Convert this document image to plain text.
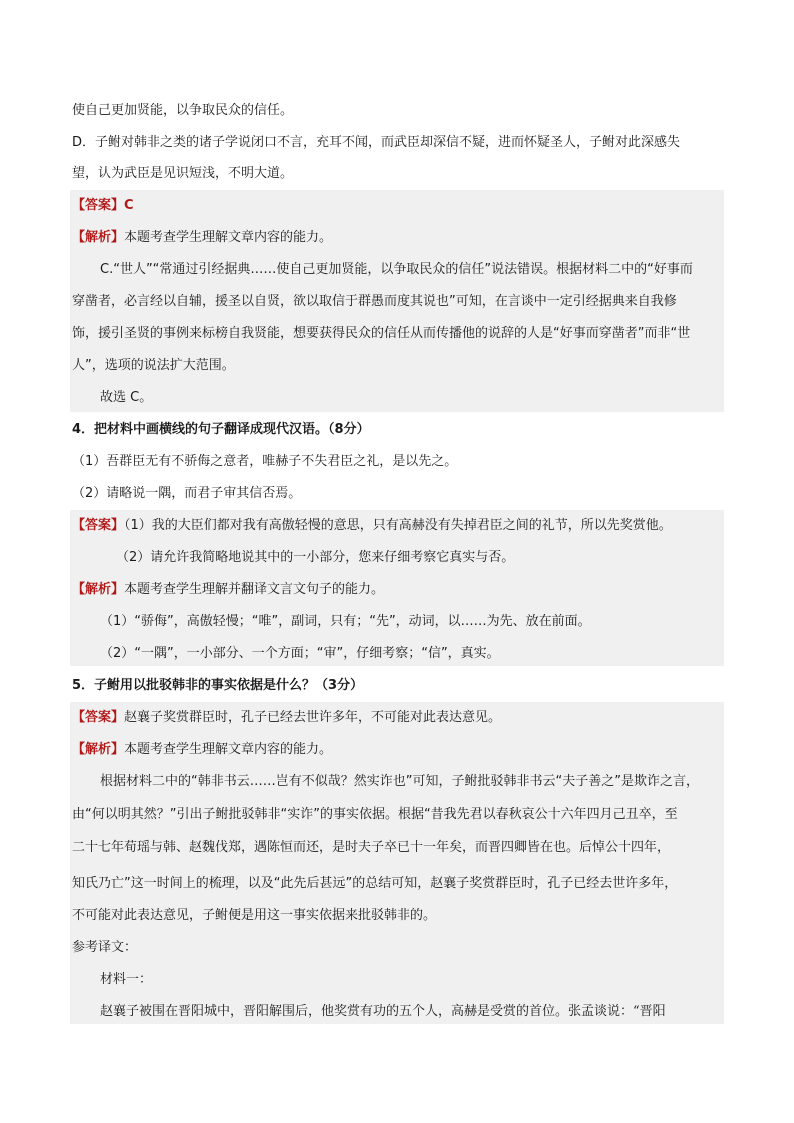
使自己更加贤能，以争取民众的信任。
D．子鲋对韩非之类的诸子学说闭口不言，充耳不闻，而武臣却深信不疑，进而怀疑圣人，子鲋对此深感失
望，认为武臣是见识短浅，不明大道。
【答案】C
【解析】本题考查学生理解文章内容的能力。
C.“世人”“常通过引经据典……使自己更加贤能，以争取民众的信任”说法错误。根据材料二中的“好事而
穿凿者，必言经以自辅，援圣以自贤，欲以取信于群愚而度其说也”可知，在言谈中一定引经据典来自我修
饰，援引圣贤的事例来标榜自我贤能，想要获得民众的信任从而传播他的说辞的人是“好事而穿凿者”而非“世
人”，选项的说法扩大范围。
故选 C。
4．把材料中画横线的句子翻译成现代汉语。（8分）
（1）吾群臣无有不骄侮之意者，唯赫子不失君臣之礼，是以先之。
（2）请略说一隅，而君子审其信否焉。
【答案】（1）我的大臣们都对我有高傲轻慢的意思，只有高赫没有失掉君臣之间的礼节，所以先奖赏他。
（2）请允许我简略地说其中的一小部分，您来仔细考察它真实与否。
【解析】本题考查学生理解并翻译文言文句子的能力。
（1）“骄侮”，高傲轻慢；“唯”，副词，只有；“先”，动词，以……为先、放在前面。
（2）“一隅”，一小部分、一个方面；“审”，仔细考察；“信”，真实。
5．子鲋用以批驳韩非的事实依据是什么？（3分）
【答案】赵襄子奖赏群臣时，孔子已经去世许多年，不可能对此表达意见。
【解析】本题考查学生理解文章内容的能力。
根据材料二中的“韩非书云……岂有不似哉？然实诈也”可知，子鲋批驳韩非书云“夫子善之”是欺诈之言，
由“何以明其然？”引出子鲋批驳韩非“实诈”的事实依据。根据“昔我先君以春秋哀公十六年四月己丑卒，至
二十七年荀瑶与韩、赵魏伐郑，遇陈恒而还，是时夫子卒已十一年矣，而晋四卿皆在也。后悼公十四年，
知氏乃亡”这一时间上的梳理，以及“此先后甚远”的总结可知，赵襄子奖赏群臣时，孔子已经去世许多年，
不可能对此表达意见，子鲋便是用这一事实依据来批驳韩非的。
参考译文：
材料一：
赵襄子被围在晋阳城中，晋阳解围后，他奖赏有功的五个人，高赫是受赏的首位。张孟谈说：“晋阳
